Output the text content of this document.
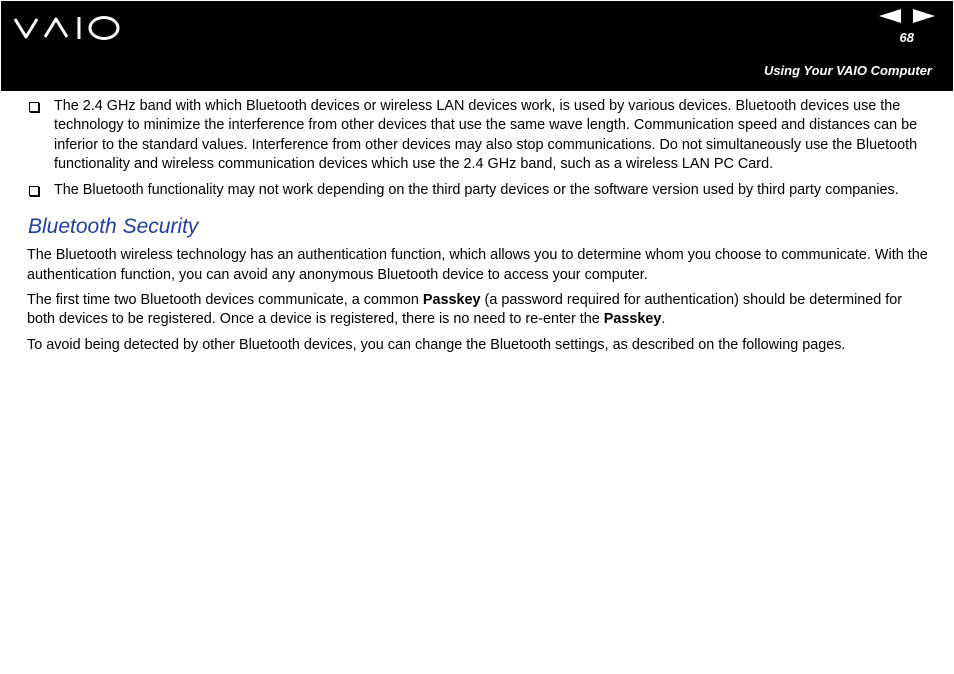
68
Using Your VAIO Computer
The 2.4 GHz band with which Bluetooth devices or wireless LAN devices work, is used by various devices. Bluetooth devices use the technology to minimize the interference from other devices that use the same wave length. Communication speed and distances can be inferior to the standard values. Interference from other devices may also stop communications. Do not simultaneously use the Bluetooth functionality and wireless communication devices which use the 2.4 GHz band, such as a wireless LAN PC Card.
The Bluetooth functionality may not work depending on the third party devices or the software version used by third party companies.
Bluetooth Security

The Bluetooth wireless technology has an authentication function, which allows you to determine whom you choose to communicate. With the authentication function, you can avoid any anonymous Bluetooth device to access your computer.

The first time two Bluetooth devices communicate, a common Passkey (a password required for authentication) should be determined for both devices to be registered. Once a device is registered, there is no need to re-enter the Passkey.

To avoid being detected by other Bluetooth devices, you can change the Bluetooth settings, as described on the following pages.
